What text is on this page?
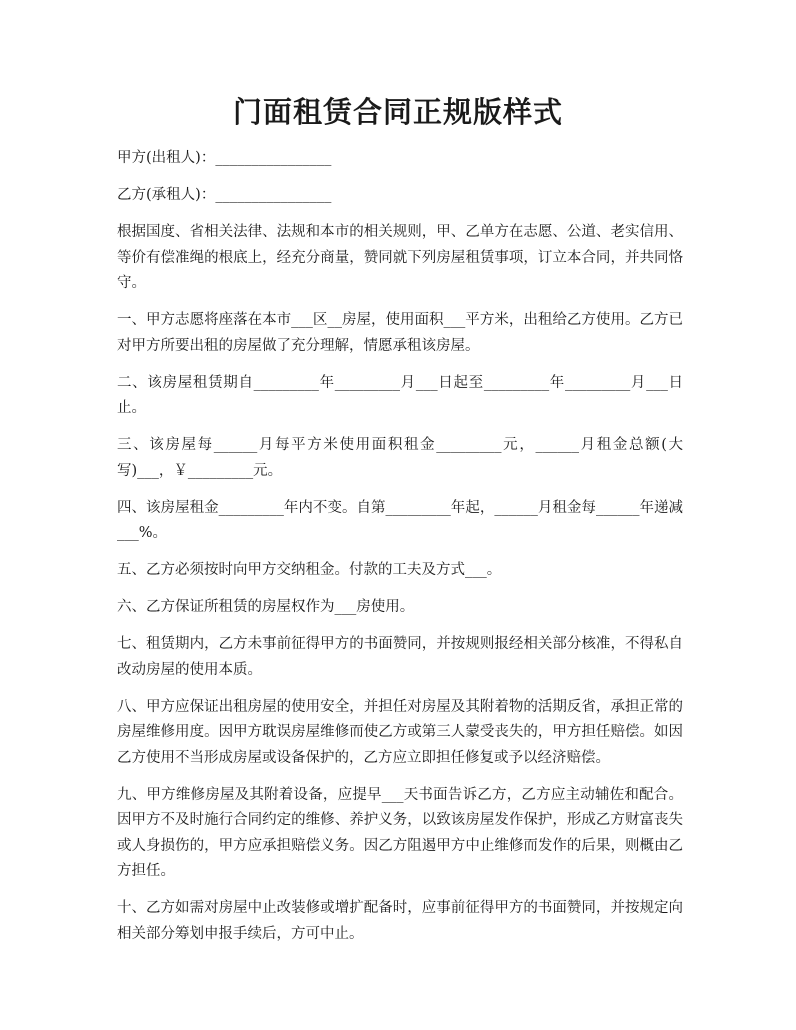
门面租赁合同正规版样式

甲方(出租人)：________________

乙方(承租人)：________________

根据国度、省相关法律、法规和本市的相关规则，甲、乙单方在志愿、公道、老实信用、等价有偿准绳的根底上，经充分商量，赞同就下列房屋租赁事项，订立本合同，并共同恪守。

一、甲方志愿将座落在本市___区__房屋，使用面积___平方米，出租给乙方使用。乙方已对甲方所要出租的房屋做了充分理解，情愿承租该房屋。

二、该房屋租赁期自_________年_________月___日起至_________年_________月___日止。

三、该房屋每______月每平方米使用面积租金_________元，______月租金总额(大写)___，￥_________元。

四、该房屋租金_________年内不变。自第_________年起，______月租金每______年递减___%。

五、乙方必须按时向甲方交纳租金。付款的工夫及方式___。

六、乙方保证所租赁的房屋权作为___房使用。

七、租赁期内，乙方未事前征得甲方的书面赞同，并按规则报经相关部分核准，不得私自改动房屋的使用本质。

八、甲方应保证出租房屋的使用安全，并担任对房屋及其附着物的活期反省，承担正常的房屋维修用度。因甲方耽误房屋维修而使乙方或第三人蒙受丧失的，甲方担任赔偿。如因乙方使用不当形成房屋或设备保护的，乙方应立即担任修复或予以经济赔偿。

九、甲方维修房屋及其附着设备，应提早___天书面告诉乙方，乙方应主动辅佐和配合。因甲方不及时施行合同约定的维修、养护义务，以致该房屋发作保护，形成乙方财富丧失或人身损伤的，甲方应承担赔偿义务。因乙方阻遏甲方中止维修而发作的后果，则概由乙方担任。

十、乙方如需对房屋中止改装修或增扩配备时，应事前征得甲方的书面赞同，并按规定向相关部分筹划申报手续后，方可中止。
